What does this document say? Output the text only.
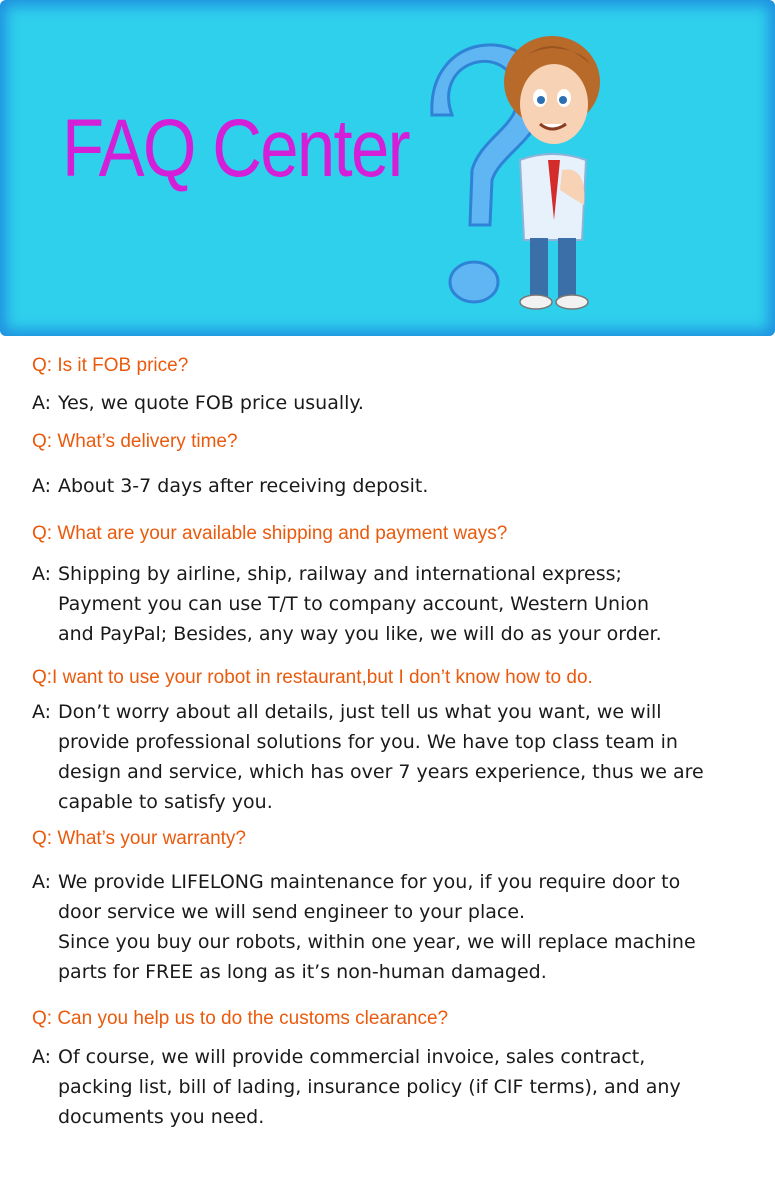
FAQ Center
Q: Is it FOB price?
A: Yes, we quote FOB price usually.
Q: What’s delivery time?
A: About 3-7 days after receiving deposit.
Q: What are your available shipping and payment ways?
A: Shipping by airline, ship, railway and international express;
Payment you can use T/T to company account, Western Union
and PayPal; Besides, any way you like, we will do as your order.
Q:I want to use your robot in restaurant,but I don’t know how to do.
A: Don’t worry about all details, just tell us what you want, we will
provide professional solutions for you. We have top class team in
design and service, which has over 7 years experience, thus we are
capable to satisfy you.
Q: What’s your warranty?
A: We provide LIFELONG maintenance for you, if you require door to
door service we will send engineer to your place.
Since you buy our robots, within one year, we will replace machine
parts for FREE as long as it’s non-human damaged.
Q: Can you help us to do the customs clearance?
A: Of course, we will provide commercial invoice, sales contract,
packing list, bill of lading, insurance policy (if CIF terms), and any
documents you need.
